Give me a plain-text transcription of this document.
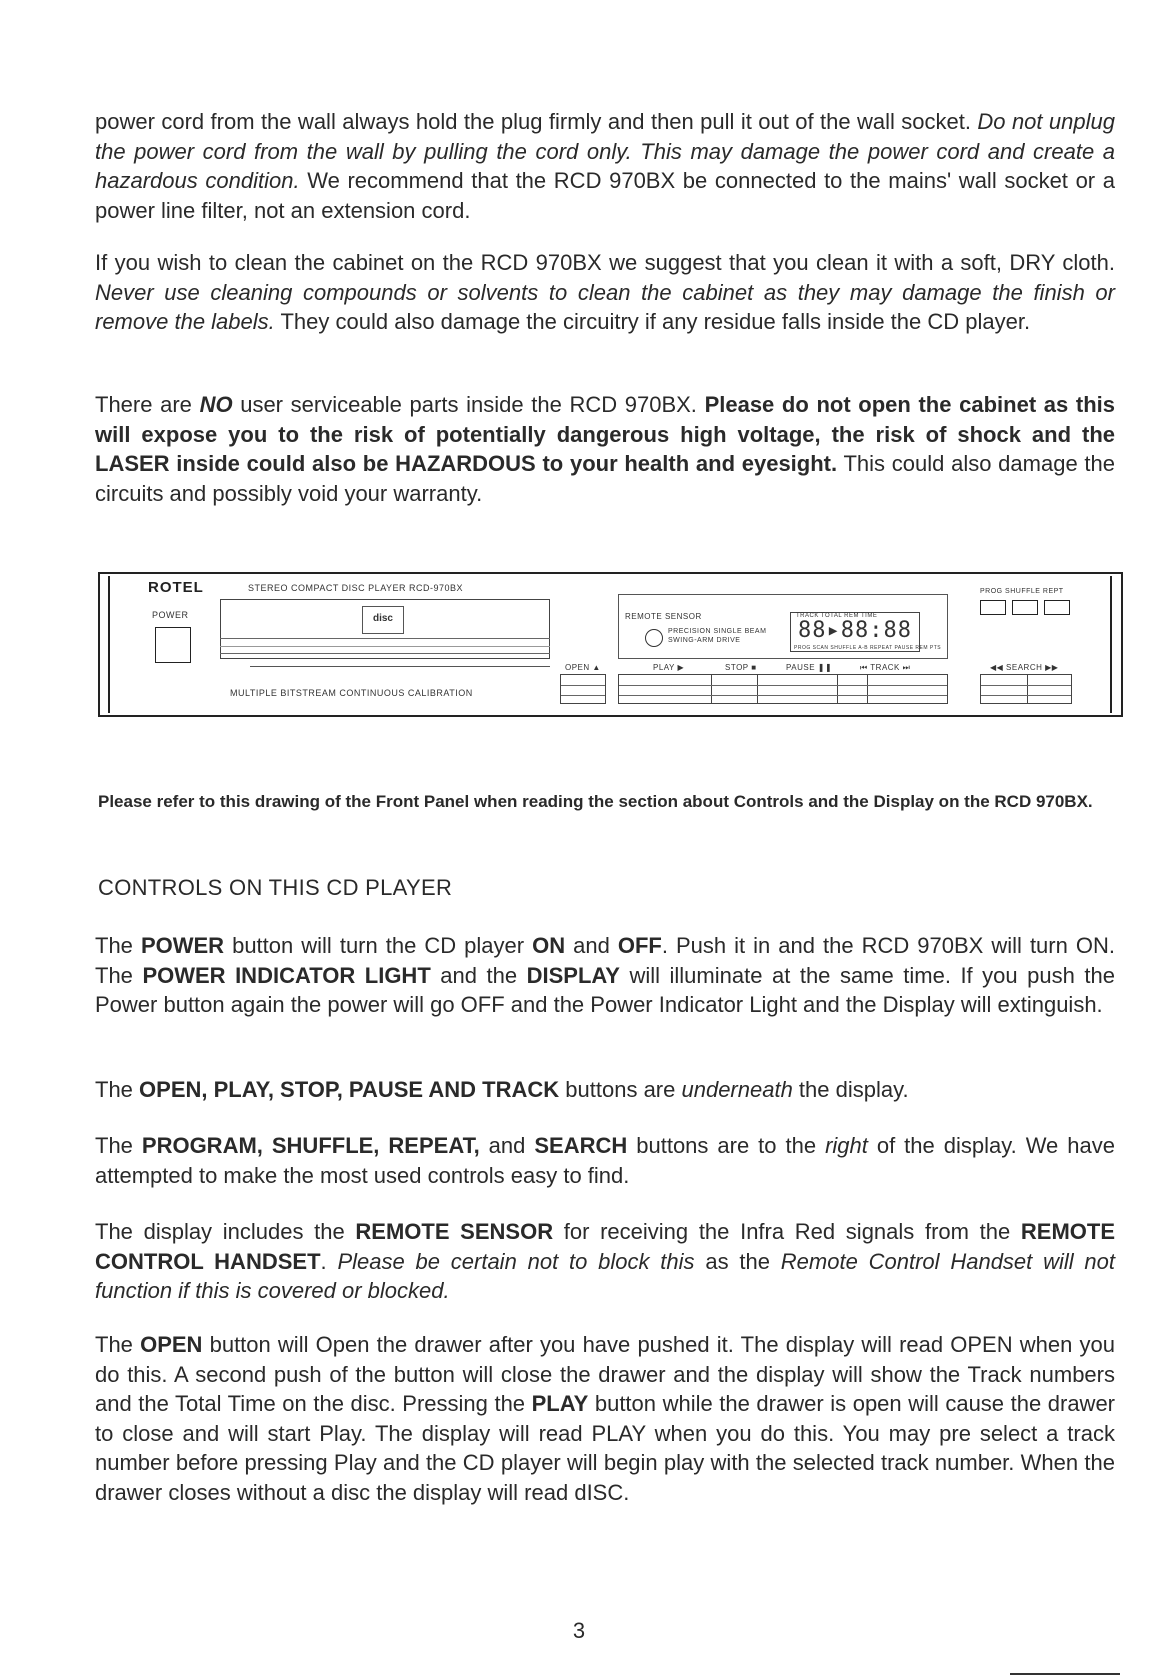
power cord from the wall always hold the plug firmly and then pull it out of the wall socket. Do not unplug the power cord from the wall by pulling the cord only. This may damage the power cord and create a hazardous condition. We recommend that the RCD 970BX be connected to the mains' wall socket or a power line filter, not an extension cord.

If you wish to clean the cabinet on the RCD 970BX we suggest that you clean it with a soft, DRY cloth. Never use cleaning compounds or solvents to clean the cabinet as they may damage the finish or remove the labels. They could also damage the circuitry if any residue falls inside the CD player.

There are NO user serviceable parts inside the RCD 970BX. Please do not open the cabinet as this will expose you to the risk of potentially dangerous high voltage, the risk of shock and the LASER inside could also be HAZARDOUS to your health and eyesight. This could also damage the circuits and possibly void your warranty.

ROTEL	STEREO COMPACT DISC PLAYER RCD-970BX
POWER	disc
MULTIPLE BITSTREAM CONTINUOUS CALIBRATION
REMOTE SENSOR
PRECISION SINGLE BEAM
SWING-ARM DRIVE
TRACK TOTAL REM TIME
88▸88:88
PROG SCAN SHUFFLE A-B REPEAT PAUSE REM PTS
OPEN ▲	PLAY ▶	STOP ■	PAUSE ❚❚	⏮ TRACK ⏭
PROG SHUFFLE REPT
◀◀ SEARCH ▶▶

Please refer to this drawing of the Front Panel when reading the section about Controls and the Display on the RCD 970BX.

CONTROLS ON THIS CD PLAYER

The POWER button will turn the CD player ON and OFF. Push it in and the RCD 970BX will turn ON. The POWER INDICATOR LIGHT and the DISPLAY will illuminate at the same time. If you push the Power button again the power will go OFF and the Power Indicator Light and the Display will extinguish.

The OPEN, PLAY, STOP, PAUSE AND TRACK buttons are underneath the display.

The PROGRAM, SHUFFLE, REPEAT, and SEARCH buttons are to the right of the display. We have attempted to make the most used controls easy to find.

The display includes the REMOTE SENSOR for receiving the Infra Red signals from the REMOTE CONTROL HANDSET. Please be certain not to block this as the Remote Control Handset will not function if this is covered or blocked.

The OPEN button will Open the drawer after you have pushed it. The display will read OPEN when you do this. A second push of the button will close the drawer and the display will show the Track numbers and the Total Time on the disc. Pressing the PLAY button while the drawer is open will cause the drawer to close and will start Play. The display will read PLAY when you do this. You may pre select a track number before pressing Play and the CD player will begin play with the selected track number. When the drawer closes without a disc the display will read dISC.

3
